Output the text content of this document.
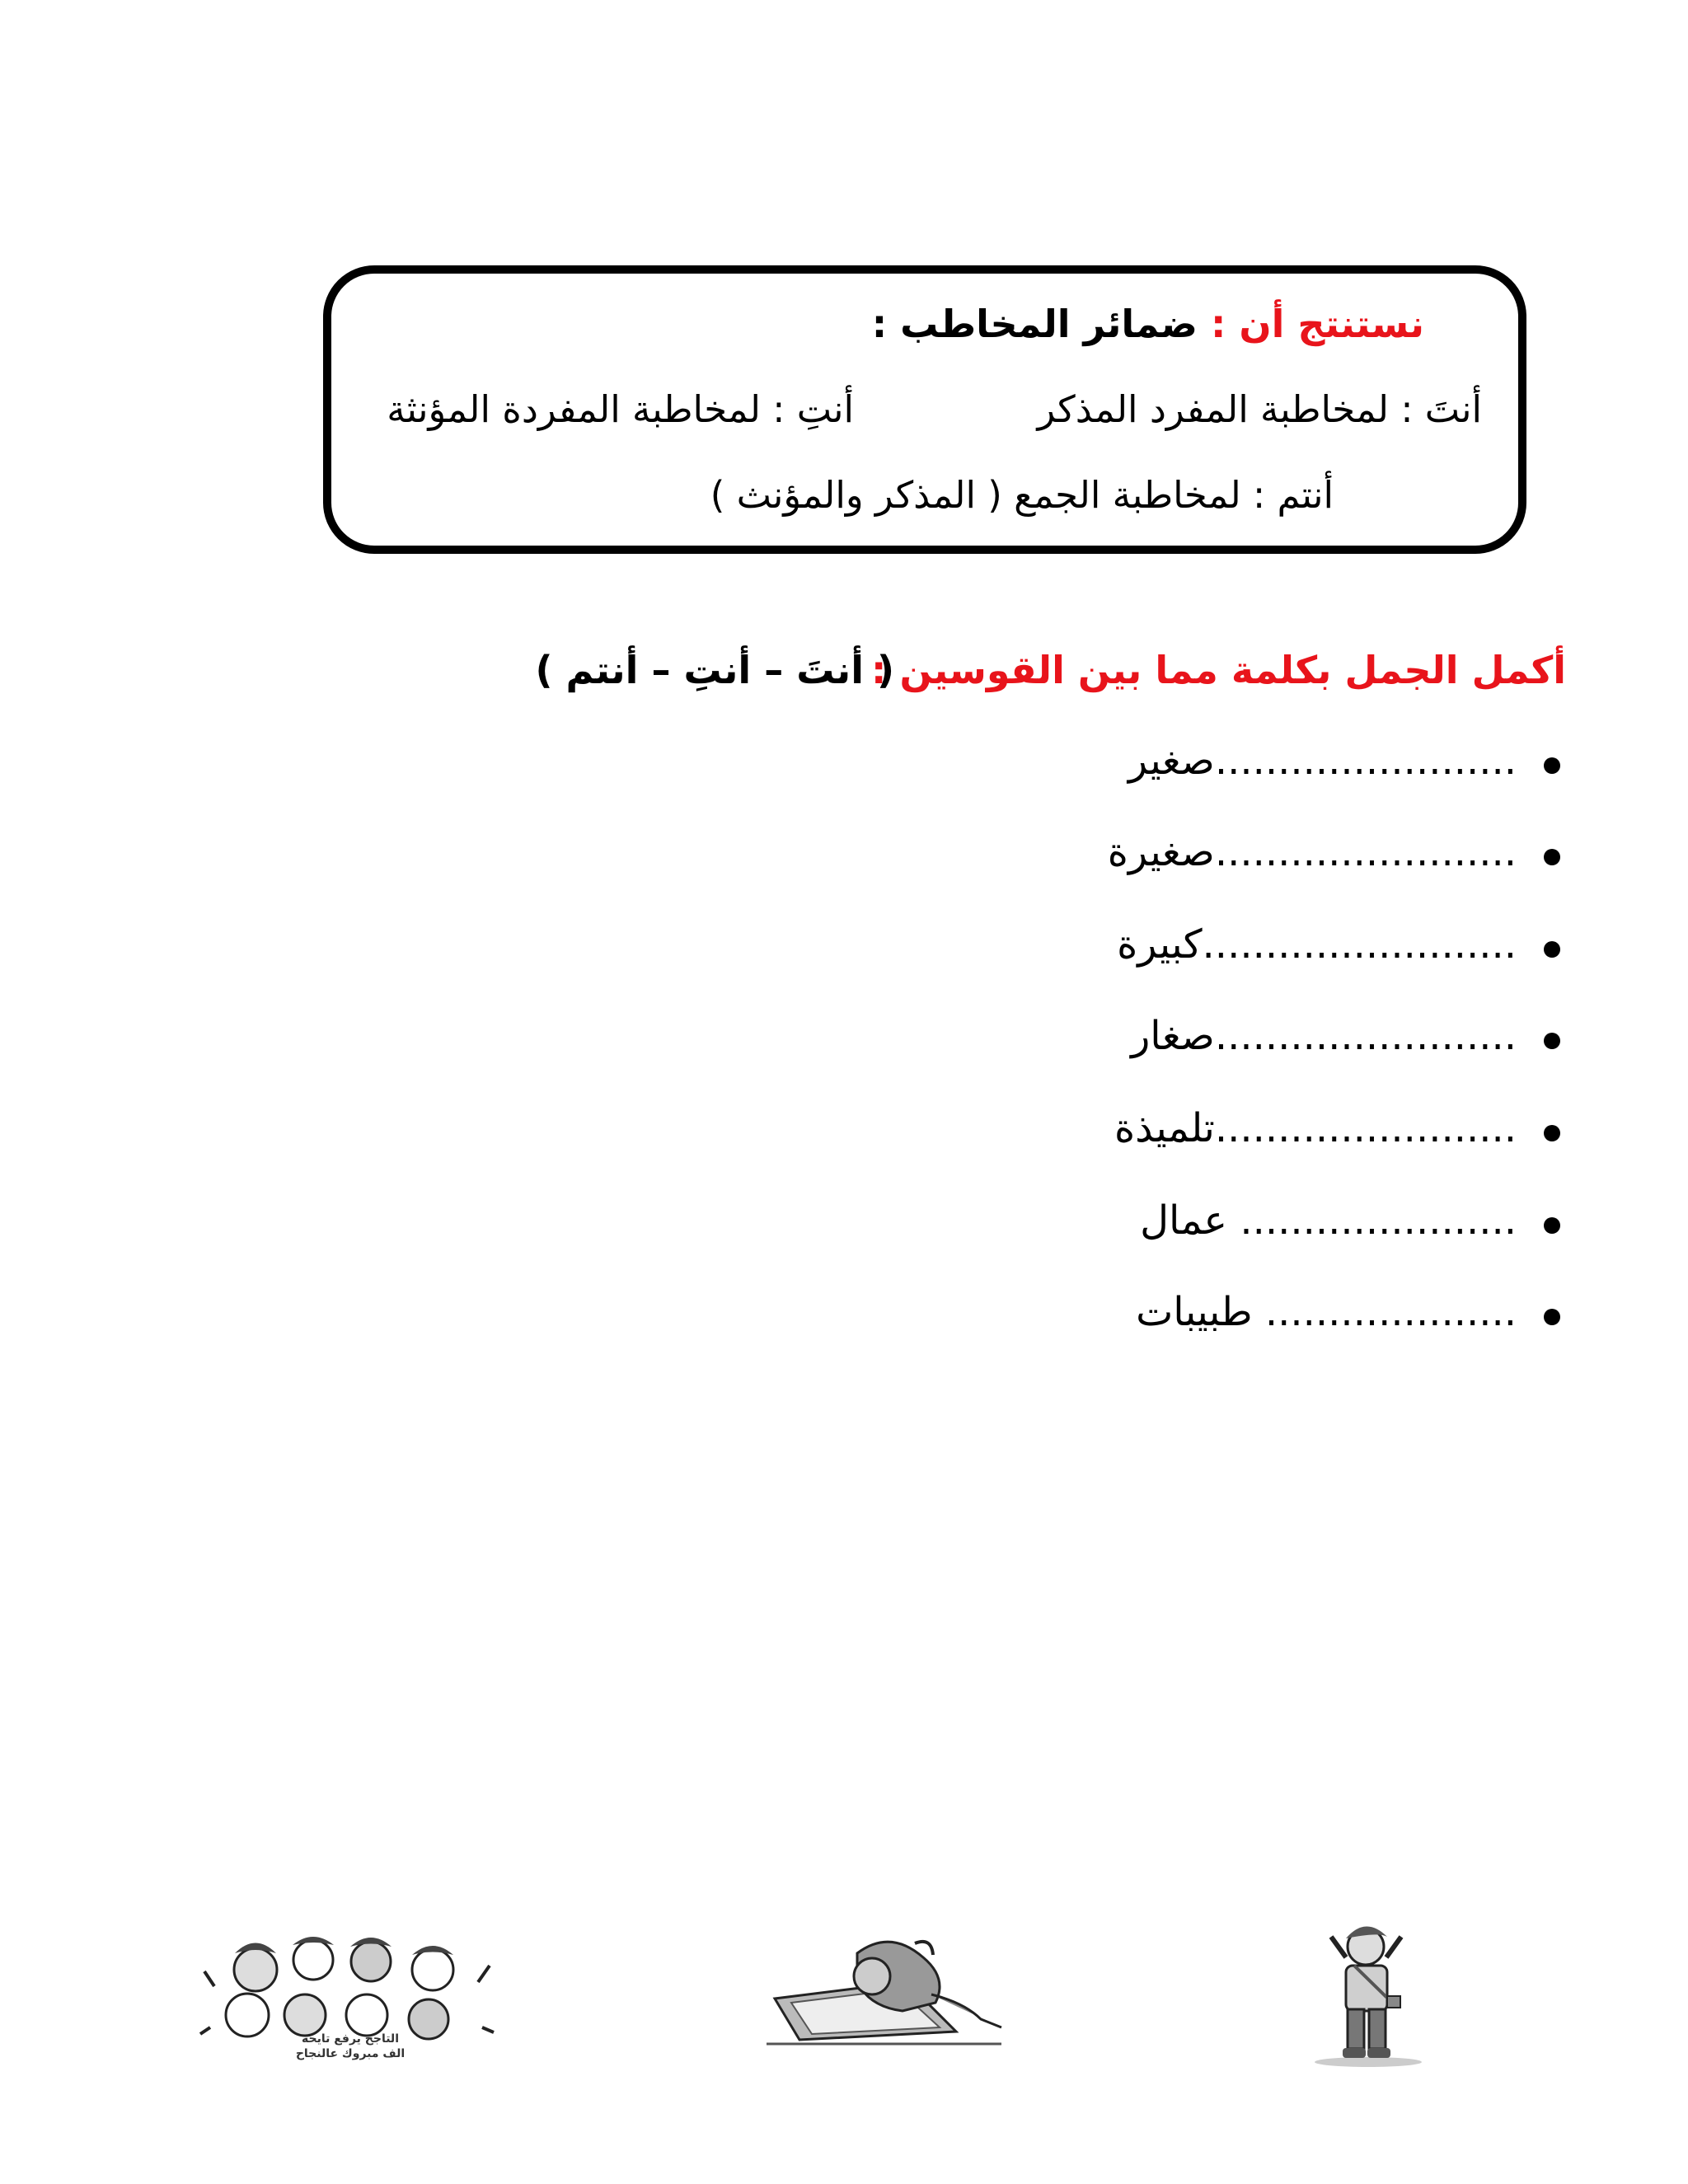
نستنتج أن : ضمائر المخاطب :
أنتَ : لمخاطبة المفرد المذكر
أنتِ : لمخاطبة المفردة المؤنثة
أنتم : لمخاطبة الجمع ( المذكر والمؤنث )
أكمل الجمل بكلمة مما بين القوسين :
( أنتَ – أنتِ – أنتم )
........................صغير
........................صغيرة
.........................كبيرة
........................صغار
........................تلميذة
...................... عمال
.................... طبيبات
التاجح يرفع تايحه
الف مبروك عالنجاح
